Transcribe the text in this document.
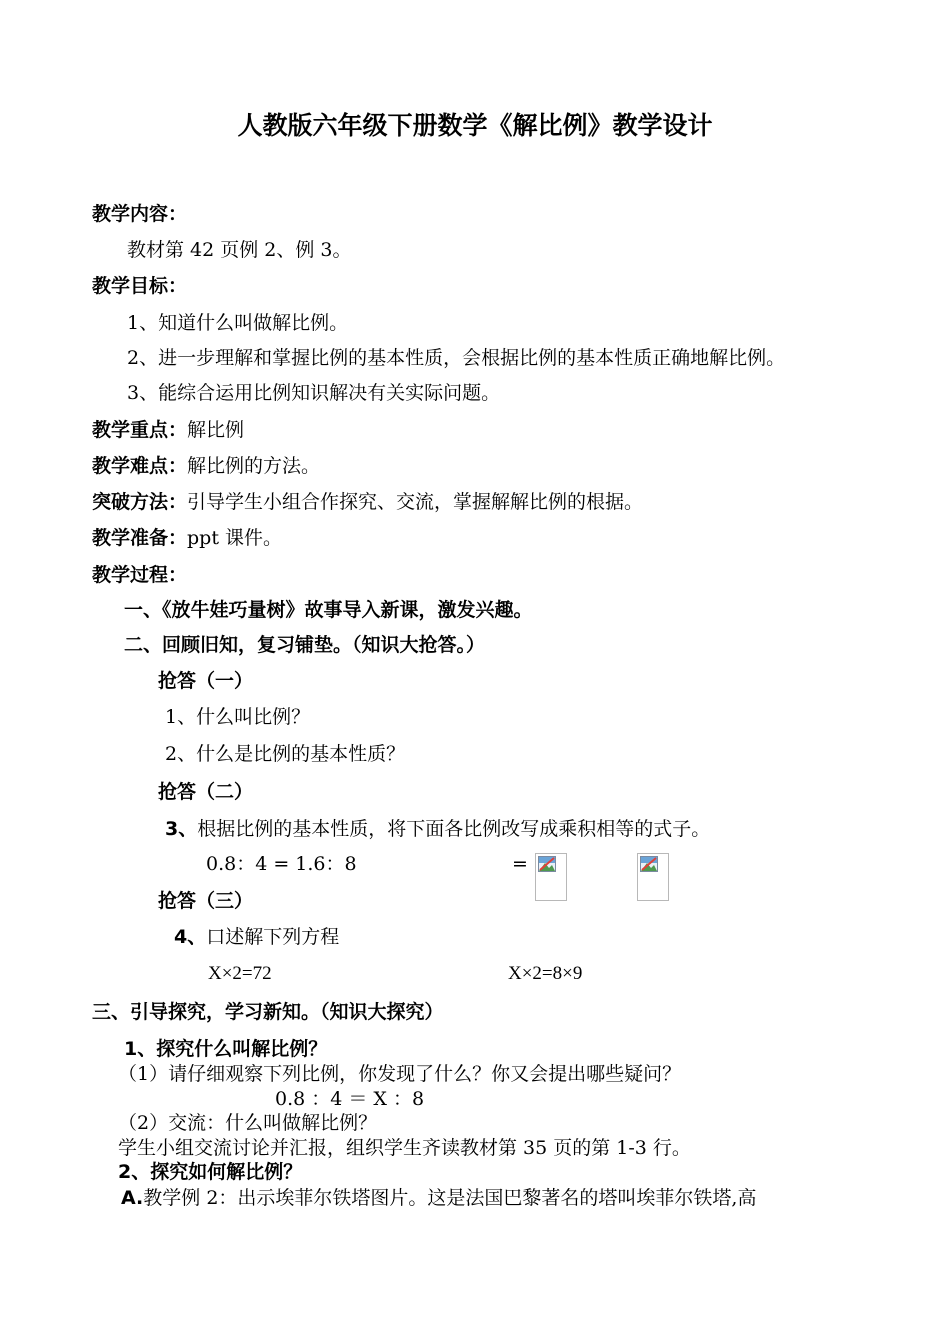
人教版六年级下册数学《解比例》教学设计
教学内容：
教材第 42 页例 2、例 3。
教学目标：
1、知道什么叫做解比例。
2、进一步理解和掌握比例的基本性质，会根据比例的基本性质正确地解比例。
3、能综合运用比例知识解决有关实际问题。
教学重点：解比例
教学难点：解比例的方法。
突破方法：引导学生小组合作探究、交流，掌握解解比例的根据。
教学准备：ppt 课件。
教学过程：
一、《放牛娃巧量树》故事导入新课，激发兴趣。
二、回顾旧知，复习铺垫。（知识大抢答。）
抢答（一）
1、什么叫比例？
2、什么是比例的基本性质？
抢答（二）
3、根据比例的基本性质，将下面各比例改写成乘积相等的式子。
0.8：4 = 1.6：8	=
抢答（三）
4、口述解下列方程
X×2=72	X×2=8×9
三、引导探究，学习新知。（知识大探究）
1、探究什么叫解比例？
（1）请仔细观察下列比例，你发现了什么？你又会提出哪些疑问？
0.8 ：4 ＝ X ：8
（2）交流：什么叫做解比例？
学生小组交流讨论并汇报，组织学生齐读教材第 35 页的第 1-3 行。
2、探究如何解比例？
A.教学例 2：出示埃菲尔铁塔图片。这是法国巴黎著名的塔叫埃菲尔铁塔,高
